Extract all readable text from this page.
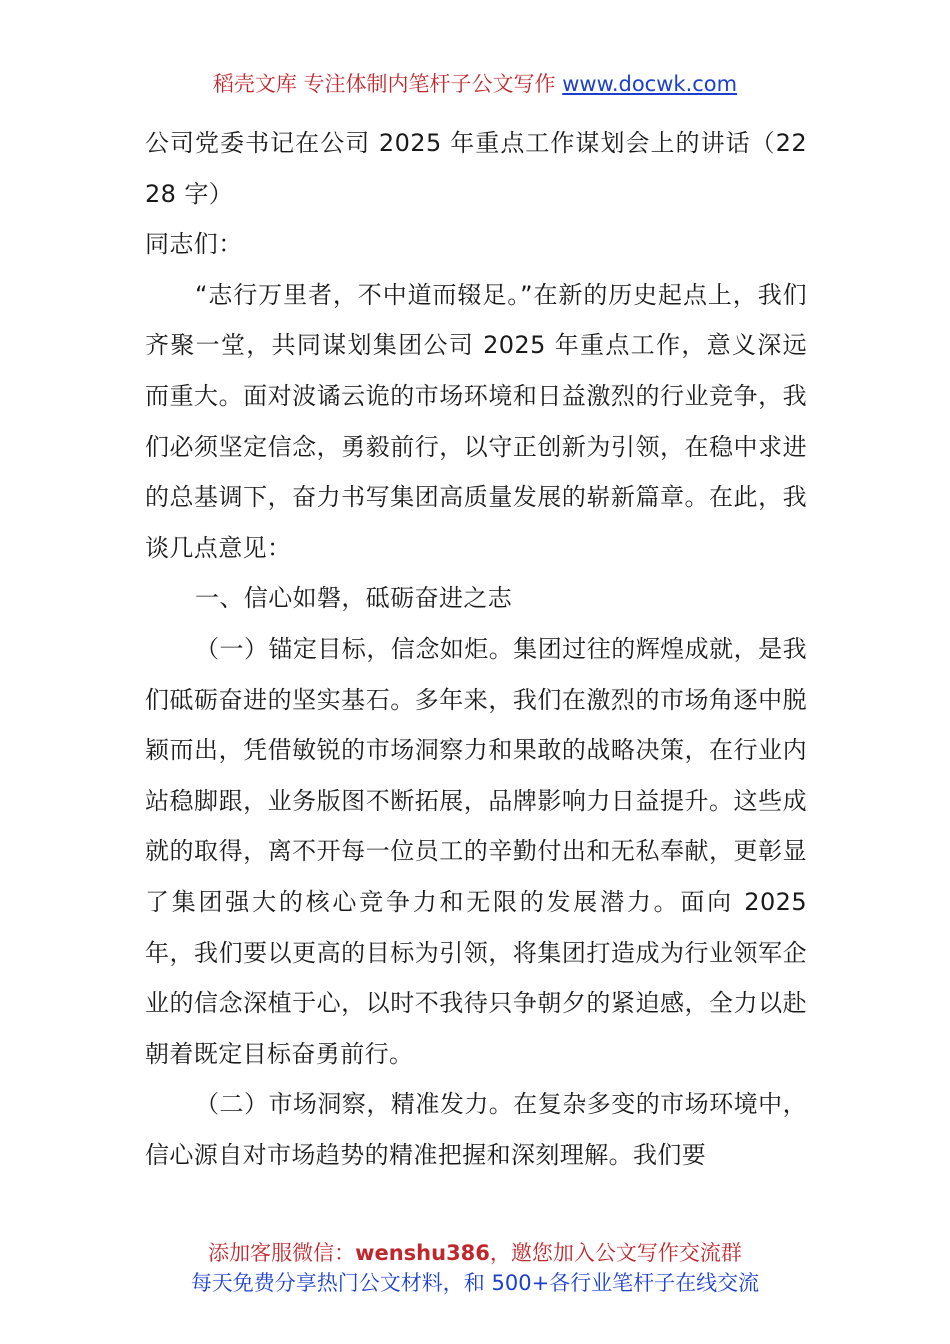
稻壳文库 专注体制内笔杆子公文写作 www.docwk.com

公司党委书记在公司 2025 年重点工作谋划会上的讲话（2228 字）

同志们：

“志行万里者，不中道而辍足。”在新的历史起点上，我们齐聚一堂，共同谋划集团公司 2025 年重点工作，意义深远而重大。面对波谲云诡的市场环境和日益激烈的行业竞争，我们必须坚定信念，勇毅前行，以守正创新为引领，在稳中求进的总基调下，奋力书写集团高质量发展的崭新篇章。在此，我谈几点意见：

一、信心如磐，砥砺奋进之志

（一）锚定目标，信念如炬。集团过往的辉煌成就，是我们砥砺奋进的坚实基石。多年来，我们在激烈的市场角逐中脱颖而出，凭借敏锐的市场洞察力和果敢的战略决策，在行业内站稳脚跟，业务版图不断拓展，品牌影响力日益提升。这些成就的取得，离不开每一位员工的辛勤付出和无私奉献，更彰显了集团强大的核心竞争力和无限的发展潜力。面向 2025 年，我们要以更高的目标为引领，将集团打造成为行业领军企业的信念深植于心，以时不我待只争朝夕的紧迫感，全力以赴朝着既定目标奋勇前行。

（二）市场洞察，精准发力。在复杂多变的市场环境中，信心源自对市场趋势的精准把握和深刻理解。我们要

添加客服微信：wenshu386，邀您加入公文写作交流群
每天免费分享热门公文材料，和 500+各行业笔杆子在线交流
